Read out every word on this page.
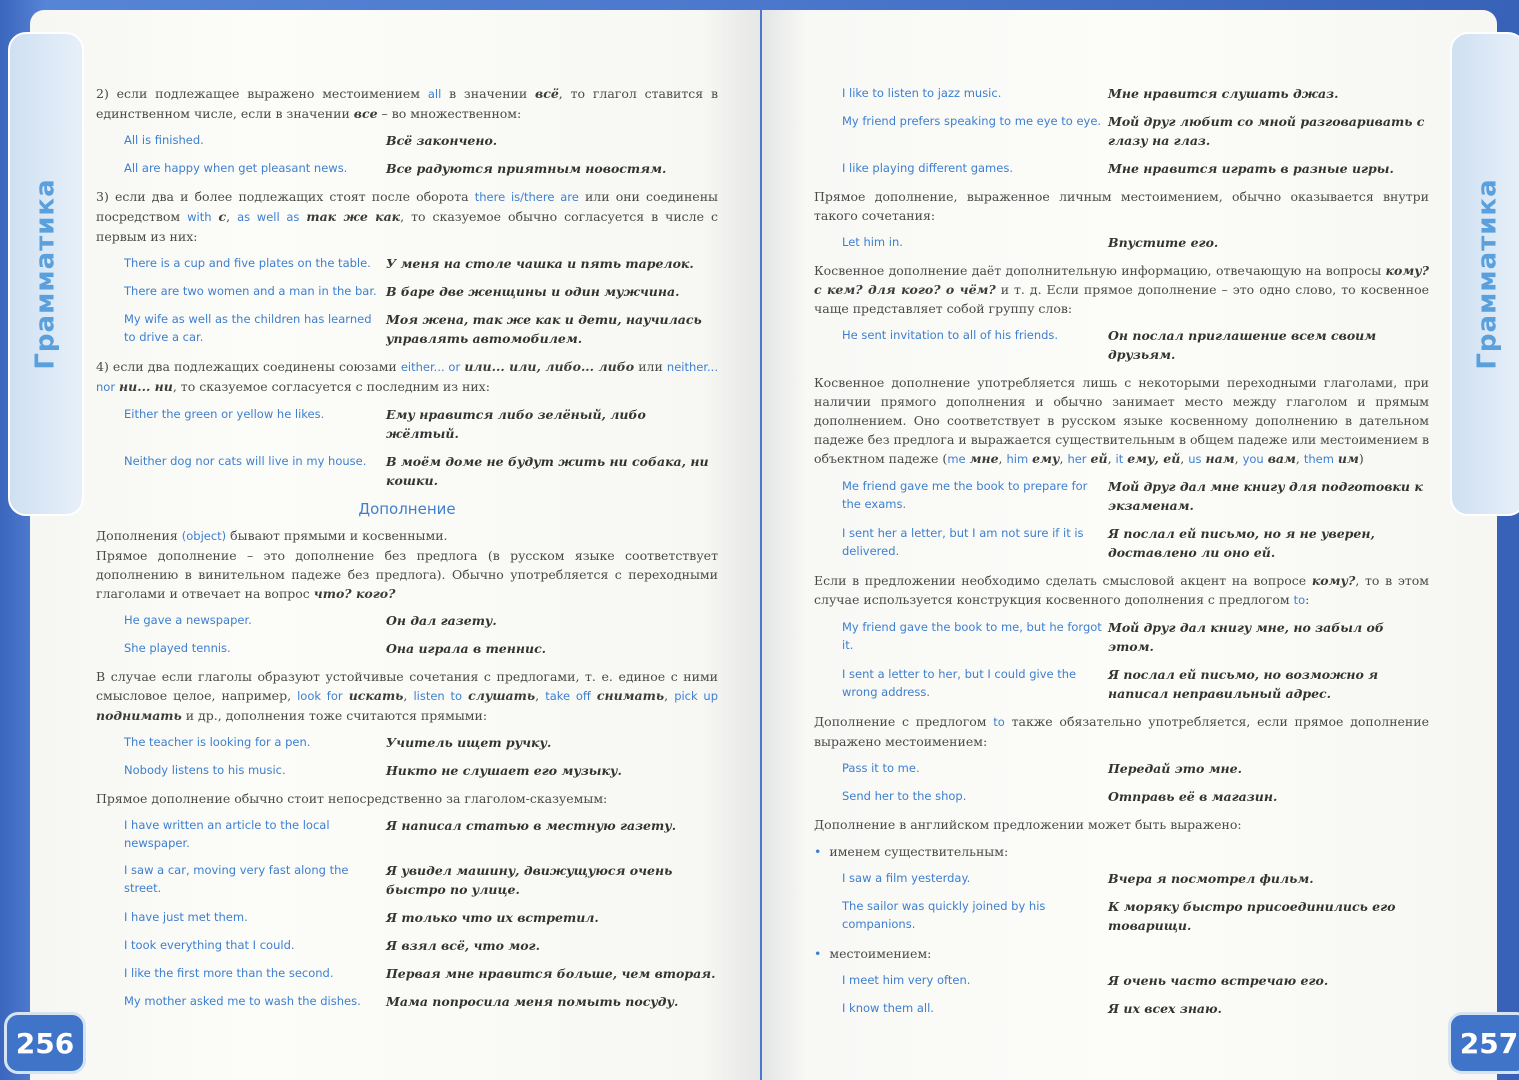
Грамматика
256

2) если подлежащее выражено местоимением all в значении всё, то глагол ставится в единственном числе, если в значении все – во множественном:

All is finished.	Всё закончено.
All are happy when get pleasant news.	Все радуются приятным новостям.

3) если два и более подлежащих стоят после оборота there is/there are или они соединены посредством with с, as well as так же как, то сказуемое обычно согласуется в числе с первым из них:

There is a cup and five plates on the table.	У меня на столе чашка и пять тарелок.
There are two women and a man in the bar. В баре две женщины и один мужчина.
My wife as well as the children has learned to drive a car.
Моя жена, так же как и дети, научилась управлять автомобилем.

4) если два подлежащих соединены союзами either... or или... или, либо... либо или neither... nor ни... ни, то сказуемое согласуется с последним из них:

Either the green or yellow he likes.	Ему нравится либо зелёный, либо жёлтый.
Neither dog nor cats will live in my house.	В моём доме не будут жить ни собака, ни кошки.
Дополнение

Дополнения (object) бывают прямыми и косвенными.

Прямое дополнение – это дополнение без предлога (в русском языке соответствует дополнению в винительном падеже без предлога). Обычно употребляется с переходными глаголами и отвечает на вопрос что? кого?

He gave a newspaper.	Он дал газету.
She played tennis.	Она играла в теннис.

В случае если глаголы образуют устойчивые сочетания с предлогами, т. е. единое с ними смысловое целое, например, look for искать, listen to слушать, take off снимать, pick up поднимать и др., дополнения тоже считаются прямыми:

The teacher is looking for a pen.	Учитель ищет ручку.
Nobody listens to his music.	Никто не слушает его музыку.

Прямое дополнение обычно стоит непосредственно за глаголом-сказуемым:

I have written an article to the local newspaper.
Я написал статью в местную газету.
I saw a car, moving very fast along the street.
Я увидел машину, движущуюся очень быстро по улице.
I have just met them.	Я только что их встретил.
I took everything that I could.	Я взял всё, что мог.
I like the first more than the second.	Первая мне нравится больше, чем вторая.
My mother asked me to wash the dishes.	Мама попросила меня помыть посуду.
Грамматика
257
I like to listen to jazz music.	Мне нравится слушать джаз.
My friend prefers speaking to me eye to eye. Мой друг любит со мной разговаривать с глазу на глаз.
I like playing different games.	Мне нравится играть в разные игры.

Прямое дополнение, выраженное личным местоимением, обычно оказывается внутри такого сочетания:

Let him in.	Впустите его.

Косвенное дополнение даёт дополнительную информацию, отвечающую на вопросы кому? с кем? для кого? о чём? и т. д. Если прямое дополнение – это одно слово, то косвенное чаще представляет собой группу слов:

He sent invitation to all of his friends.	Он послал приглашение всем своим друзьям.

Косвенное дополнение употребляется лишь с некоторыми переходными глаголами, при наличии прямого дополнения и обычно занимает место между глаголом и прямым дополнением. Оно соответствует в русском языке косвенному дополнению в дательном падеже без предлога и выражается существительным в общем падеже или местоимением в объектном падеже (me мне, him ему, her ей, it ему, ей, us нам, you вам, them им)

Me friend gave me the book to prepare for the exams.
Мой друг дал мне книгу для подготовки к экзаменам.
I sent her a letter, but I am not sure if it is delivered.
Я послал ей письмо, но я не уверен, доставлено ли оно ей.

Если в предложении необходимо сделать смысловой акцент на вопросе кому?, то в этом случае используется конструкция косвенного дополнения с предлогом to:

My friend gave the book to me, but he forgot it.
Мой друг дал книгу мне, но забыл об этом.
I sent a letter to her, but I could give the wrong address.
Я послал ей письмо, но возможно я написал неправильный адрес.

Дополнение с предлогом to также обязательно употребляется, если прямое дополнение выражено местоимением:

Pass it to me.	Передай это мне.
Send her to the shop.	Отправь её в магазин.

Дополнение в английском предложении может быть выражено:

• именем существительным:
I saw a film yesterday.	Вчера я посмотрел фильм.
The sailor was quickly joined by his companions.
К моряку быстро присоединились его товарищи.
• местоимением:
I meet him very often.	Я очень часто встречаю его.
I know them all.	Я их всех знаю.
